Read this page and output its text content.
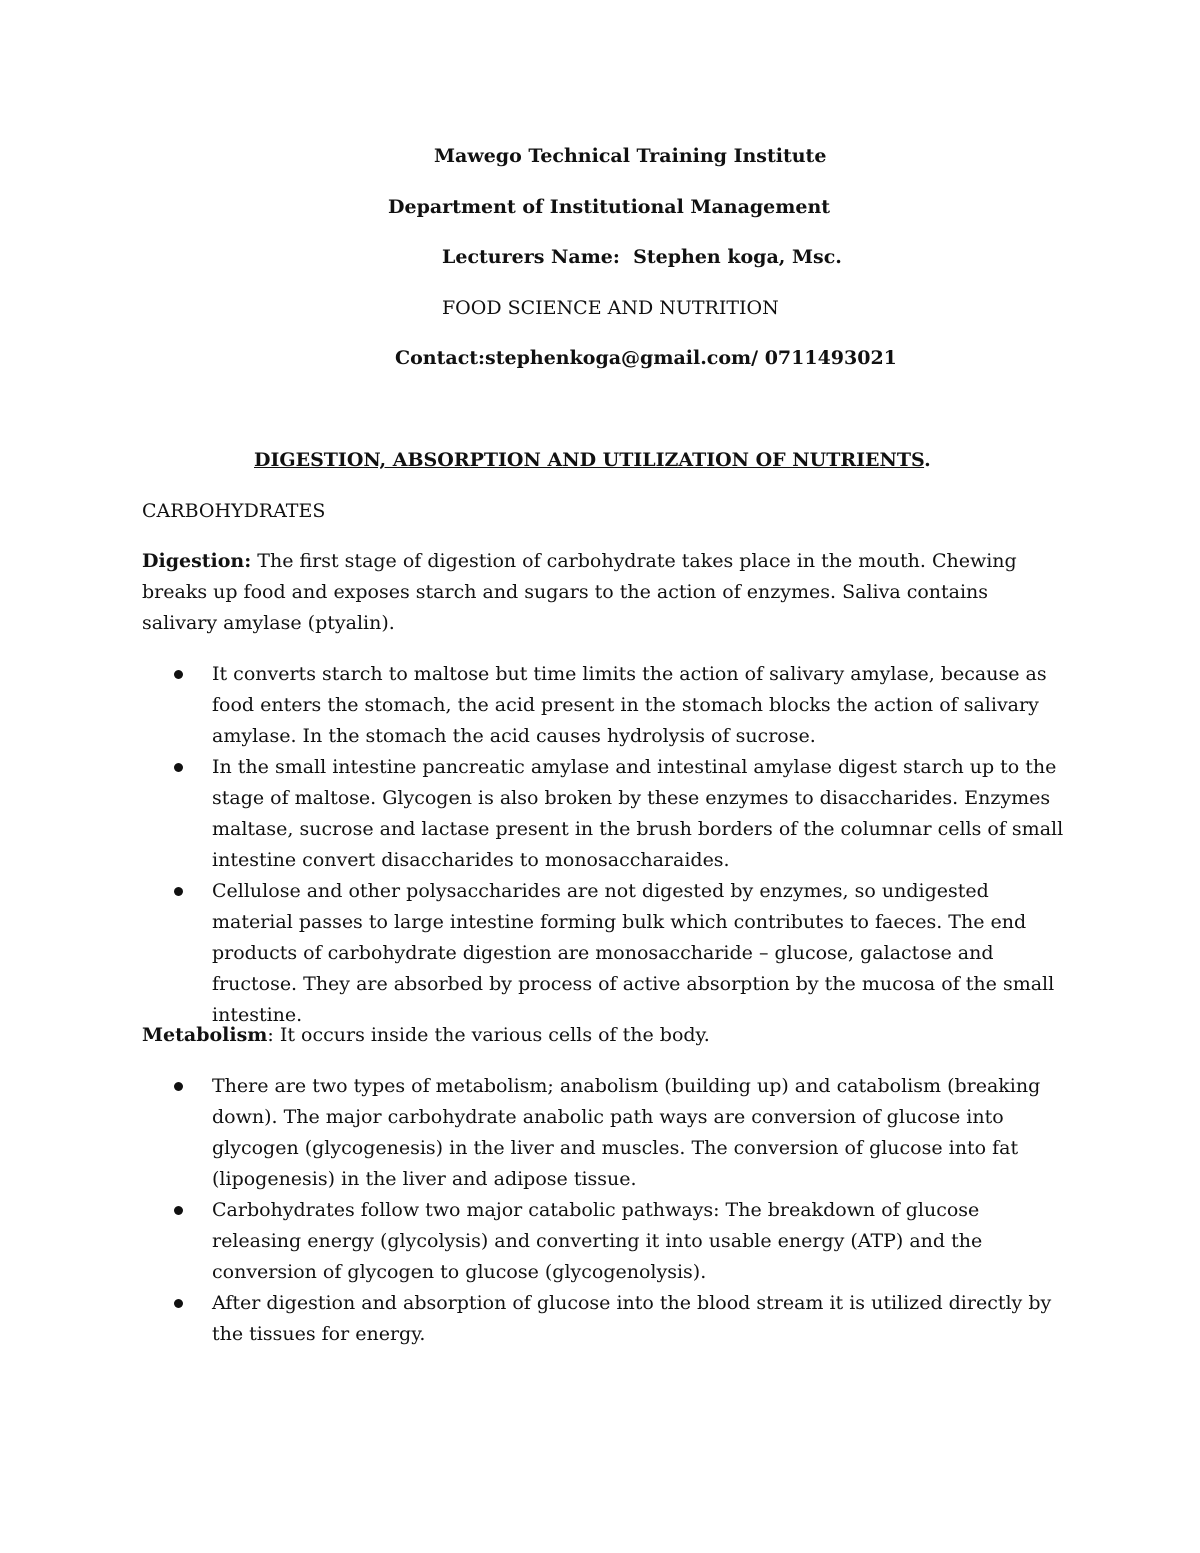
Mawego Technical Training Institute

Department of Institutional Management

Lecturers Name:  Stephen koga, Msc.

FOOD SCIENCE AND NUTRITION

Contact:stephenkoga@gmail.com/ 0711493021

DIGESTION, ABSORPTION AND UTILIZATION OF NUTRIENTS.

CARBOHYDRATES

Digestion: The first stage of digestion of carbohydrate takes place in the mouth. Chewing breaks up food and exposes starch and sugars to the action of enzymes. Saliva contains salivary amylase (ptyalin).

It converts starch to maltose but time limits the action of salivary amylase, because as food enters the stomach, the acid present in the stomach blocks the action of salivary amylase. In the stomach the acid causes hydrolysis of sucrose.
In the small intestine pancreatic amylase and intestinal amylase digest starch up to the stage of maltose. Glycogen is also broken by these enzymes to disaccharides. Enzymes maltase, sucrose and lactase present in the brush borders of the columnar cells of small intestine convert disaccharides to monosaccharaides.
Cellulose and other polysaccharides are not digested by enzymes, so undigested material passes to large intestine forming bulk which contributes to faeces. The end products of carbohydrate digestion are monosaccharide – glucose, galactose and fructose. They are absorbed by process of active absorption by the mucosa of the small intestine.

Metabolism: It occurs inside the various cells of the body.

There are two types of metabolism; anabolism (building up) and catabolism (breaking down). The major carbohydrate anabolic path ways are conversion of glucose into glycogen (glycogenesis) in the liver and muscles. The conversion of glucose into fat (lipogenesis) in the liver and adipose tissue.
Carbohydrates follow two major catabolic pathways: The breakdown of glucose releasing energy (glycolysis) and converting it into usable energy (ATP) and the conversion of glycogen to glucose (glycogenolysis).
After digestion and absorption of glucose into the blood stream it is utilized directly by the tissues for energy.
